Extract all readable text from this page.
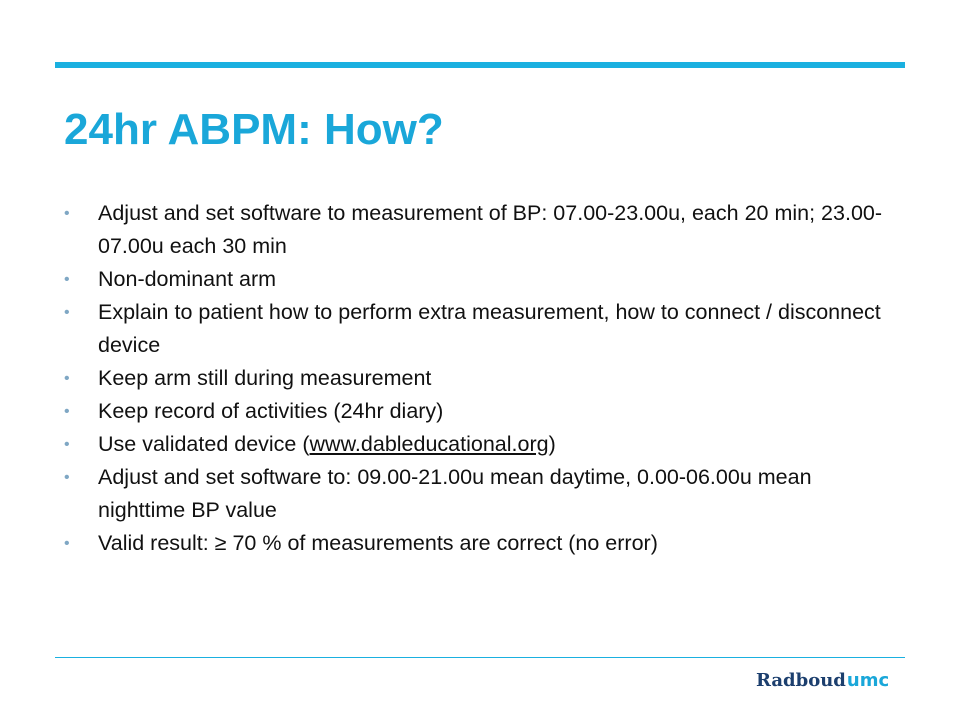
24hr ABPM: How?
•	Adjust and set software to measurement of BP: 07.00-23.00u, each 20 min; 23.00-07.00u each 30 min
•	Non-dominant arm
•	Explain to patient how to perform extra measurement, how to connect / disconnect device
•	Keep arm still during measurement
•	Keep record of activities (24hr diary)
•	Use validated device (www.dableducational.org)
•	Adjust and set software to: 09.00-21.00u mean daytime, 0.00-06.00u mean nighttime BP value
•	Valid result: ≥ 70 % of measurements are correct (no error)
Radboudumc
